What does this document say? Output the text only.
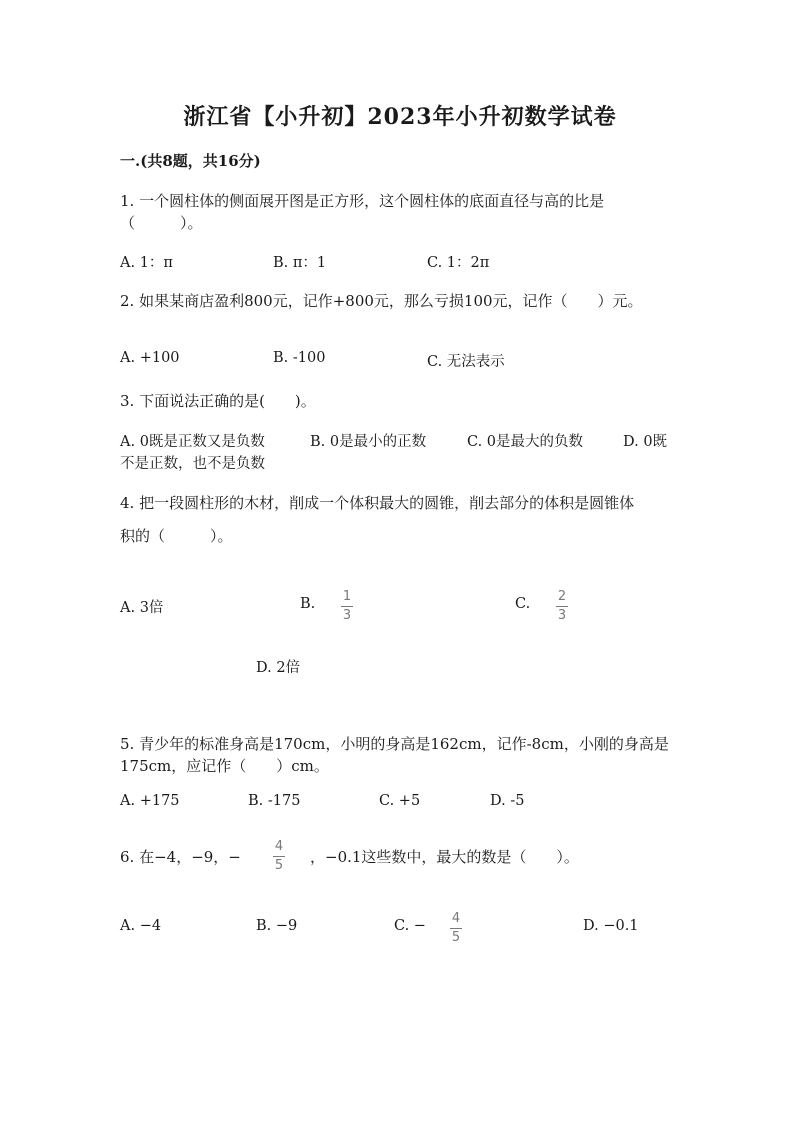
浙江省【小升初】2023年小升初数学试卷
一.(共8题，共16分)
1. 一个圆柱体的侧面展开图是正方形，这个圆柱体的底面直径与高的比是
（　　　）。
A. 1：π	B. π：1	C. 1：2π
2. 如果某商店盈利800元，记作+800元，那么亏损100元，记作（　　）元。
A. +100	B. -100	C. 无法表示
3. 下面说法正确的是(　　)。
A. 0既是正数又是负数	B. 0是最小的正数	C. 0是最大的负数	D. 0既
不是正数，也不是负数
4. 把一段圆柱形的木材，削成一个体积最大的圆锥，削去部分的体积是圆锥体
积的（　　　）。
A. 3倍	B. 1
3
C. 2
3
D. 2倍
5. 青少年的标准身高是170cm，小明的身高是162cm，记作-8cm，小刚的身高是
175cm，应记作（　　）cm。
A. +175	B. -175	C. +5	D. -5
6. 在−4，−9，−
4
5 ，−0.1这些数中，最大的数是（　　）。
A. −4	B. −9	C. − 4
5
D. −0.1
